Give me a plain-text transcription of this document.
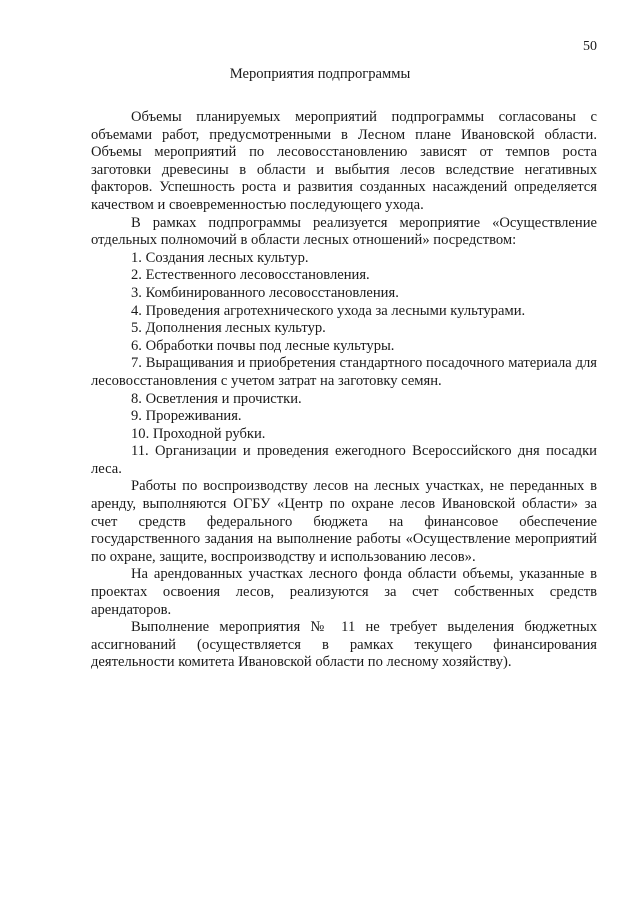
50
Мероприятия подпрограммы

Объемы планируемых мероприятий подпрограммы согласованы с объемами работ, предусмотренными в Лесном плане Ивановской области. Объемы мероприятий по лесовосстановлению зависят от темпов роста заготовки древесины в области и выбытия лесов вследствие негативных факторов. Успешность роста и развития созданных насаждений определяется качеством и своевременностью последующего ухода.

В рамках подпрограммы реализуется мероприятие «Осуществление отдельных полномочий в области лесных отношений» посредством:

1. Создания лесных культур.

2. Естественного лесовосстановления.

3. Комбинированного лесовосстановления.

4. Проведения агротехнического ухода за лесными культурами.

5. Дополнения лесных культур.

6. Обработки почвы под лесные культуры.

7. Выращивания и приобретения стандартного посадочного материала для лесовосстановления с учетом затрат на заготовку семян.

8. Осветления и прочистки.

9. Прореживания.

10. Проходной рубки.

11. Организации и проведения ежегодного Всероссийского дня посадки леса.

Работы по воспроизводству лесов на лесных участках, не переданных в аренду, выполняются ОГБУ «Центр по охране лесов Ивановской области» за счет средств федерального бюджета на финансовое обеспечение государственного задания на выполнение работы «Осуществление мероприятий по охране, защите, воспроизводству и использованию лесов».

На арендованных участках лесного фонда области объемы, указанные в проектах освоения лесов, реализуются за счет собственных средств арендаторов.

Выполнение мероприятия № 11 не требует выделения бюджетных ассигнований (осуществляется в рамках текущего финансирования деятельности комитета Ивановской области по лесному хозяйству).
